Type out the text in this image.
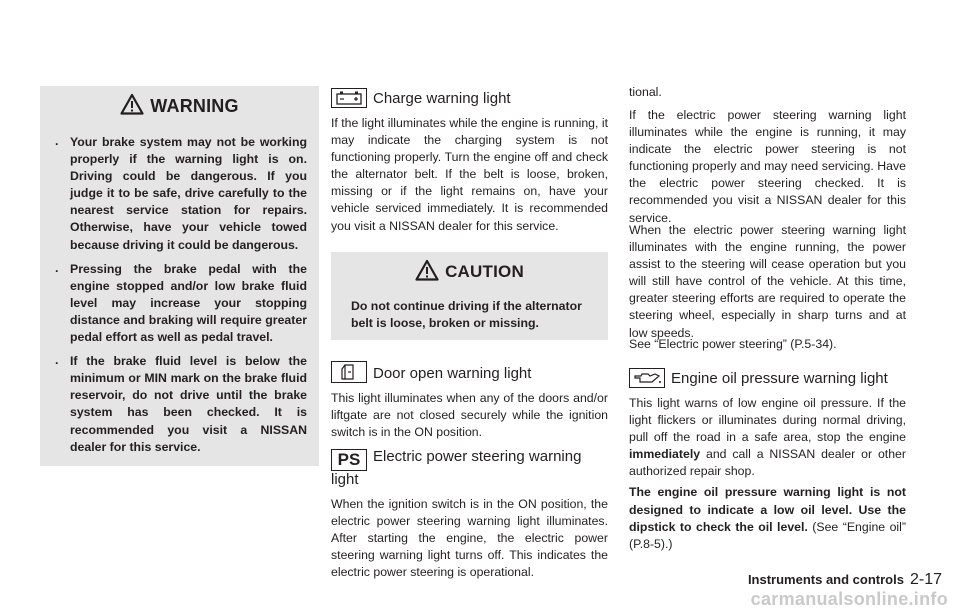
WARNING
. Your brake system may not be working properly if the warning light is on. Driving could be dangerous. If you judge it to be safe, drive carefully to the nearest service station for repairs. Otherwise, have your vehicle towed because driving it could be dangerous.
. Pressing the brake pedal with the engine stopped and/or low brake fluid level may increase your stopping distance and braking will require greater pedal effort as well as pedal travel.
. If the brake fluid level is below the minimum or MIN mark on the brake fluid reservoir, do not drive until the brake system has been checked. It is recommended you visit a NISSAN dealer for this service.
Charge warning light

If the light illuminates while the engine is running, it may indicate the charging system is not functioning properly. Turn the engine off and check the alternator belt. If the belt is loose, broken, missing or if the light remains on, have your vehicle serviced immediately. It is recommended you visit a NISSAN dealer for this service.

CAUTION

Do not continue driving if the alternator belt is loose, broken or missing.

Door open warning light

This light illuminates when any of the doors and/or liftgate are not closed securely while the ignition switch is in the ON position.

PS Electric power steering warning light

When the ignition switch is in the ON position, the electric power steering warning light illuminates. After starting the engine, the electric power steering warning light turns off. This indicates the electric power steering is operational.

tional.

If the electric power steering warning light illuminates while the engine is running, it may indicate the electric power steering is not functioning properly and may need servicing. Have the electric power steering checked. It is recommended you visit a NISSAN dealer for this service.

When the electric power steering warning light illuminates with the engine running, the power assist to the steering will cease operation but you will still have control of the vehicle. At this time, greater steering efforts are required to operate the steering wheel, especially in sharp turns and at low speeds.

See “Electric power steering” (P.5-34).

Engine oil pressure warning light

This light warns of low engine oil pressure. If the light flickers or illuminates during normal driving, pull off the road in a safe area, stop the engine immediately and call a NISSAN dealer or other authorized repair shop.

The engine oil pressure warning light is not designed to indicate a low oil level. Use the dipstick to check the oil level. (See “Engine oil” (P.8-5).)

Instruments and controls 2-17
carmanualsonline.info
